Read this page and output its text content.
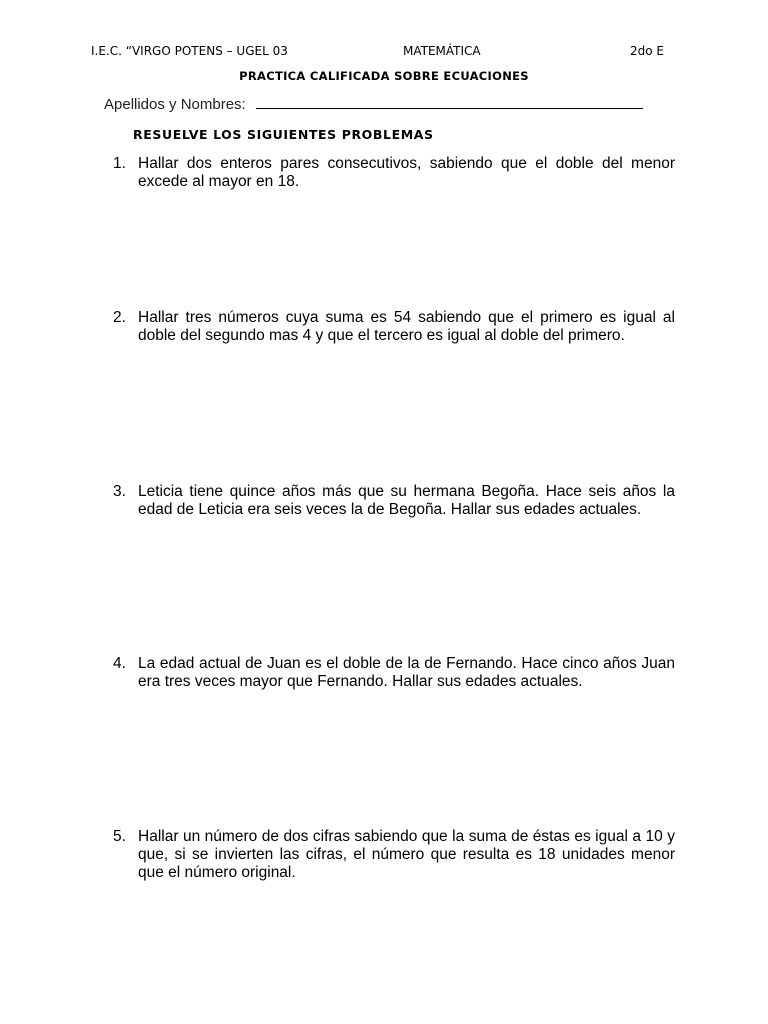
I.E.C. “VIRGO POTENS – UGEL 03	MATEMÁTICA	2do E
PRACTICA CALIFICADA SOBRE ECUACIONES
Apellidos y Nombres:
RESUELVE LOS SIGUIENTES PROBLEMAS
1. Hallar dos enteros pares consecutivos, sabiendo que el doble del menor excede al mayor en 18.
2. Hallar tres números cuya suma es 54 sabiendo que el primero es igual al doble del segundo mas 4 y que el tercero es igual al doble del primero.
3. Leticia tiene quince años más que su hermana Begoña. Hace seis años la edad de Leticia era seis veces la de Begoña. Hallar sus edades actuales.
4. La edad actual de Juan es el doble de la de Fernando. Hace cinco años Juan era tres veces mayor que Fernando. Hallar sus edades actuales.
5. Hallar un número de dos cifras sabiendo que la suma de éstas es igual a 10 y que, si se invierten las cifras, el número que resulta es 18 unidades menor que el número original.
